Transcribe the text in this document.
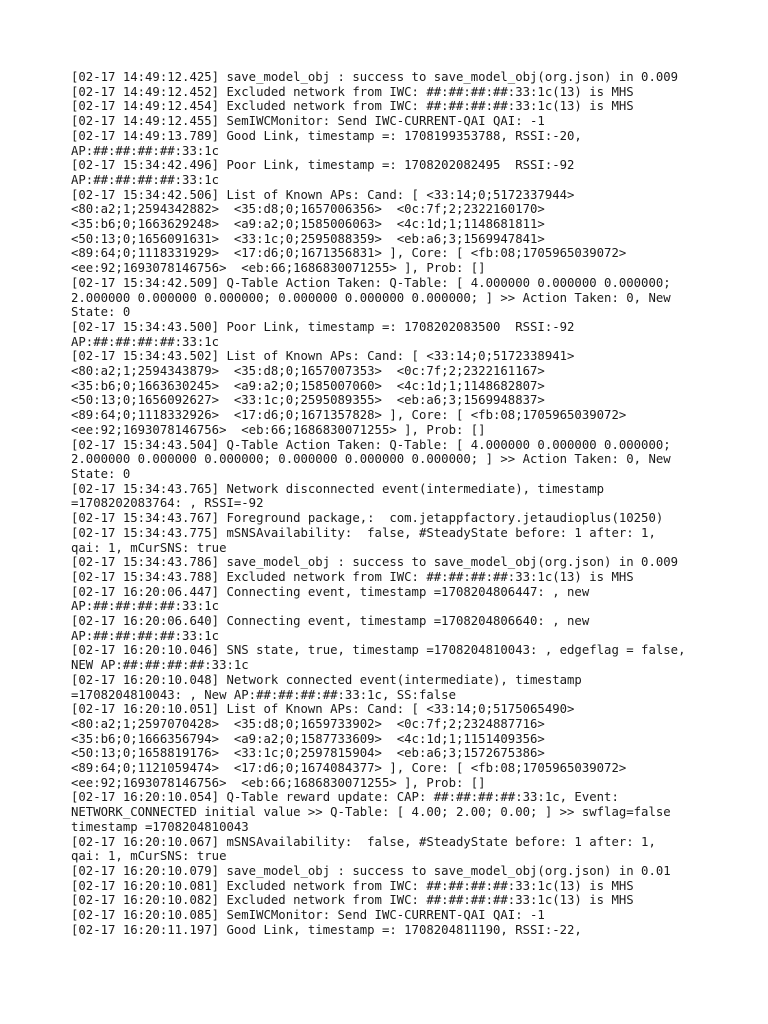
[02-17 14:49:12.425] save_model_obj : success to save_model_obj(org.json) in 0.009
[02-17 14:49:12.452] Excluded network from IWC: ##:##:##:##:33:1c(13) is MHS
[02-17 14:49:12.454] Excluded network from IWC: ##:##:##:##:33:1c(13) is MHS
[02-17 14:49:12.455] SemIWCMonitor: Send IWC-CURRENT-QAI QAI: -1
[02-17 14:49:13.789] Good Link, timestamp =: 1708199353788, RSSI:-20,
AP:##:##:##:##:33:1c
[02-17 15:34:42.496] Poor Link, timestamp =: 1708202082495  RSSI:-92
AP:##:##:##:##:33:1c
[02-17 15:34:42.506] List of Known APs: Cand: [ <33:14;0;5172337944>
<80:a2;1;2594342882>  <35:d8;0;1657006356>  <0c:7f;2;2322160170>
<35:b6;0;1663629248>  <a9:a2;0;1585006063>  <4c:1d;1;1148681811>
<50:13;0;1656091631>  <33:1c;0;2595088359>  <eb:a6;3;1569947841>
<89:64;0;1118331929>  <17:d6;0;1671356831> ], Core: [ <fb:08;1705965039072>
<ee:92;1693078146756>  <eb:66;1686830071255> ], Prob: []
[02-17 15:34:42.509] Q-Table Action Taken: Q-Table: [ 4.000000 0.000000 0.000000;
2.000000 0.000000 0.000000; 0.000000 0.000000 0.000000; ] >> Action Taken: 0, New
State: 0
[02-17 15:34:43.500] Poor Link, timestamp =: 1708202083500  RSSI:-92
AP:##:##:##:##:33:1c
[02-17 15:34:43.502] List of Known APs: Cand: [ <33:14;0;5172338941>
<80:a2;1;2594343879>  <35:d8;0;1657007353>  <0c:7f;2;2322161167>
<35:b6;0;1663630245>  <a9:a2;0;1585007060>  <4c:1d;1;1148682807>
<50:13;0;1656092627>  <33:1c;0;2595089355>  <eb:a6;3;1569948837>
<89:64;0;1118332926>  <17:d6;0;1671357828> ], Core: [ <fb:08;1705965039072>
<ee:92;1693078146756>  <eb:66;1686830071255> ], Prob: []
[02-17 15:34:43.504] Q-Table Action Taken: Q-Table: [ 4.000000 0.000000 0.000000;
2.000000 0.000000 0.000000; 0.000000 0.000000 0.000000; ] >> Action Taken: 0, New
State: 0
[02-17 15:34:43.765] Network disconnected event(intermediate), timestamp
=1708202083764: , RSSI=-92
[02-17 15:34:43.767] Foreground package,:  com.jetappfactory.jetaudioplus(10250)
[02-17 15:34:43.775] mSNSAvailability:  false, #SteadyState before: 1 after: 1,
qai: 1, mCurSNS: true
[02-17 15:34:43.786] save_model_obj : success to save_model_obj(org.json) in 0.009
[02-17 15:34:43.788] Excluded network from IWC: ##:##:##:##:33:1c(13) is MHS
[02-17 16:20:06.447] Connecting event, timestamp =1708204806447: , new
AP:##:##:##:##:33:1c
[02-17 16:20:06.640] Connecting event, timestamp =1708204806640: , new
AP:##:##:##:##:33:1c
[02-17 16:20:10.046] SNS state, true, timestamp =1708204810043: , edgeflag = false,
NEW AP:##:##:##:##:33:1c
[02-17 16:20:10.048] Network connected event(intermediate), timestamp
=1708204810043: , New AP:##:##:##:##:33:1c, SS:false
[02-17 16:20:10.051] List of Known APs: Cand: [ <33:14;0;5175065490>
<80:a2;1;2597070428>  <35:d8;0;1659733902>  <0c:7f;2;2324887716>
<35:b6;0;1666356794>  <a9:a2;0;1587733609>  <4c:1d;1;1151409356>
<50:13;0;1658819176>  <33:1c;0;2597815904>  <eb:a6;3;1572675386>
<89:64;0;1121059474>  <17:d6;0;1674084377> ], Core: [ <fb:08;1705965039072>
<ee:92;1693078146756>  <eb:66;1686830071255> ], Prob: []
[02-17 16:20:10.054] Q-Table reward update: CAP: ##:##:##:##:33:1c, Event:
NETWORK_CONNECTED initial value >> Q-Table: [ 4.00; 2.00; 0.00; ] >> swflag=false
timestamp =1708204810043
[02-17 16:20:10.067] mSNSAvailability:  false, #SteadyState before: 1 after: 1,
qai: 1, mCurSNS: true
[02-17 16:20:10.079] save_model_obj : success to save_model_obj(org.json) in 0.01
[02-17 16:20:10.081] Excluded network from IWC: ##:##:##:##:33:1c(13) is MHS
[02-17 16:20:10.082] Excluded network from IWC: ##:##:##:##:33:1c(13) is MHS
[02-17 16:20:10.085] SemIWCMonitor: Send IWC-CURRENT-QAI QAI: -1
[02-17 16:20:11.197] Good Link, timestamp =: 1708204811190, RSSI:-22,
